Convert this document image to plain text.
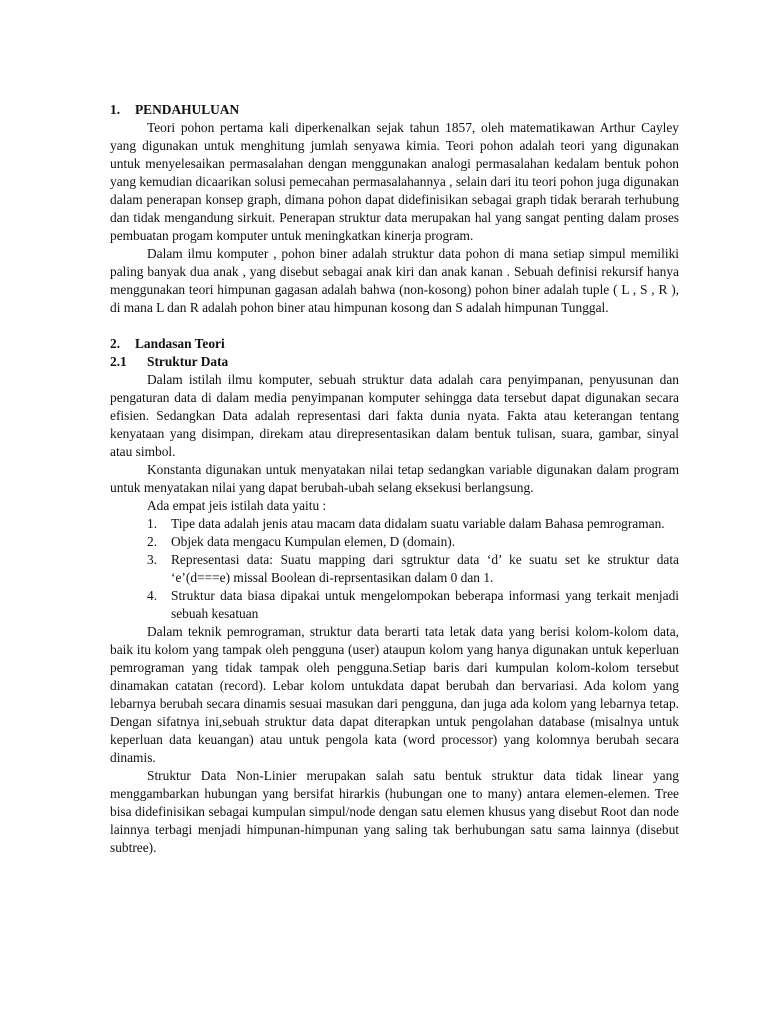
1. PENDAHULUAN

Teori pohon pertama kali diperkenalkan sejak tahun 1857, oleh matematikawan Arthur Cayley yang digunakan untuk menghitung jumlah senyawa kimia. Teori pohon adalah teori yang digunakan untuk menyelesaikan permasalahan dengan menggunakan analogi permasalahan kedalam bentuk pohon yang kemudian dicaarikan solusi pemecahan permasalahannya , selain dari itu teori pohon juga digunakan dalam penerapan konsep graph, dimana pohon dapat didefinisikan sebagai graph tidak berarah terhubung dan tidak mengandung sirkuit. Penerapan struktur data merupakan hal yang sangat penting dalam proses pembuatan progam komputer untuk meningkatkan kinerja program.

Dalam ilmu komputer , pohon biner adalah struktur data pohon di mana setiap simpul memiliki paling banyak dua anak , yang disebut sebagai anak kiri dan anak kanan . Sebuah definisi rekursif hanya menggunakan teori himpunan gagasan adalah bahwa (non-kosong) pohon biner adalah tuple ( L , S , R ), di mana L dan R adalah pohon biner atau himpunan kosong dan S adalah himpunan Tunggal.

2. Landasan Teori
2.1 Struktur Data

Dalam istilah ilmu komputer, sebuah struktur data adalah cara penyimpanan, penyusunan dan pengaturan data di dalam media penyimpanan komputer sehingga data tersebut dapat digunakan secara efisien. Sedangkan Data adalah representasi dari fakta dunia nyata. Fakta atau keterangan tentang kenyataan yang disimpan, direkam atau direpresentasikan dalam bentuk tulisan, suara, gambar, sinyal atau simbol.

Konstanta digunakan untuk menyatakan nilai tetap sedangkan variable digunakan dalam program untuk menyatakan nilai yang dapat berubah-ubah selang eksekusi berlangsung.

Ada empat jeis istilah data yaitu :

1. Tipe data adalah jenis atau macam data didalam suatu variable dalam Bahasa pemrograman.
2. Objek data mengacu Kumpulan elemen, D (domain).
3. Representasi data: Suatu mapping dari sgtruktur data ‘d’ ke suatu set ke struktur data ‘e’(d===e) missal Boolean di-reprsentasikan dalam 0 dan 1.
4. Struktur data biasa dipakai untuk mengelompokan beberapa informasi yang terkait menjadi sebuah kesatuan

Dalam teknik pemrograman, struktur data berarti tata letak data yang berisi kolom-kolom data, baik itu kolom yang tampak oleh pengguna (user) ataupun kolom yang hanya digunakan untuk keperluan pemrograman yang tidak tampak oleh pengguna.Setiap baris dari kumpulan kolom-kolom tersebut dinamakan catatan (record). Lebar kolom untukdata dapat berubah dan bervariasi. Ada kolom yang lebarnya berubah secara dinamis sesuai masukan dari pengguna, dan juga ada kolom yang lebarnya tetap. Dengan sifatnya ini,sebuah struktur data dapat diterapkan untuk pengolahan database (misalnya untuk keperluan data keuangan) atau untuk pengola kata (word processor) yang kolomnya berubah secara dinamis.

Struktur Data Non-Linier merupakan salah satu bentuk struktur data tidak linear yang menggambarkan hubungan yang bersifat hirarkis (hubungan one to many) antara elemen-elemen. Tree bisa didefinisikan sebagai kumpulan simpul/node dengan satu elemen khusus yang disebut Root dan node lainnya terbagi menjadi himpunan-himpunan yang saling tak berhubungan satu sama lainnya (disebut subtree).
